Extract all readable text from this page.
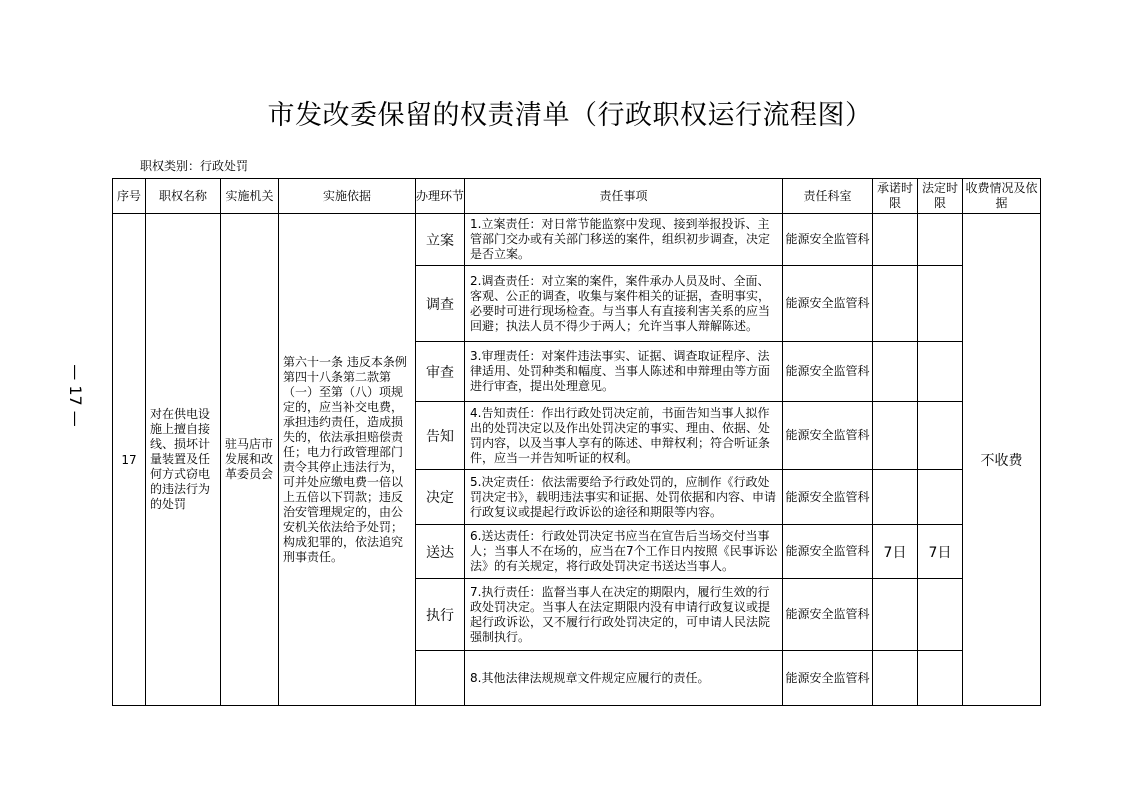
市发改委保留的权责清单（行政职权运行流程图）
职权类别：行政处罚
— 17 —
序号	职权名称	实施机关	实施依据	办理环节	责任事项	责任科室	承诺时限	法定时限	收费情况及依据
17	对在供电设施上擅自接线、损坏计量装置及任何方式窃电的违法行为的处罚	驻马店市发展和改革委员会	第六十一条 违反本条例第四十八条第二款第（一）至第（八）项规定的，应当补交电费，承担违约责任，造成损失的，依法承担赔偿责任；电力行政管理部门责令其停止违法行为，可并处应缴电费一倍以上五倍以下罚款；违反治安管理规定的，由公安机关依法给予处罚；构成犯罪的，依法追究刑事责任。	立案	1.立案责任：对日常节能监察中发现、接到举报投诉、主管部门交办或有关部门移送的案件，组织初步调查，决定是否立案。	能源安全监管科			不收费
				调查	2.调查责任：对立案的案件，案件承办人员及时、全面、客观、公正的调查，收集与案件相关的证据，查明事实，必要时可进行现场检查。与当事人有直接利害关系的应当回避；执法人员不得少于两人；允许当事人辩解陈述。	能源安全监管科			
				审查	3.审理责任：对案件违法事实、证据、调查取证程序、法律适用、处罚种类和幅度、当事人陈述和申辩理由等方面进行审查，提出处理意见。	能源安全监管科			
				告知	4.告知责任：作出行政处罚决定前，书面告知当事人拟作出的处罚决定以及作出处罚决定的事实、理由、依据、处罚内容，以及当事人享有的陈述、申辩权利；符合听证条件，应当一并告知听证的权利。	能源安全监管科			
				决定	5.决定责任：依法需要给予行政处罚的，应制作《行政处罚决定书》，载明违法事实和证据、处罚依据和内容、申请行政复议或提起行政诉讼的途径和期限等内容。	能源安全监管科			
				送达	6.送达责任：行政处罚决定书应当在宣告后当场交付当事人；当事人不在场的，应当在7个工作日内按照《民事诉讼法》的有关规定，将行政处罚决定书送达当事人。	能源安全监管科	7日	7日	
				执行	7.执行责任：监督当事人在决定的期限内，履行生效的行政处罚决定。当事人在法定期限内没有申请行政复议或提起行政诉讼，又不履行行政处罚决定的，可申请人民法院强制执行。	能源安全监管科			
					8.其他法律法规规章文件规定应履行的责任。	能源安全监管科			
